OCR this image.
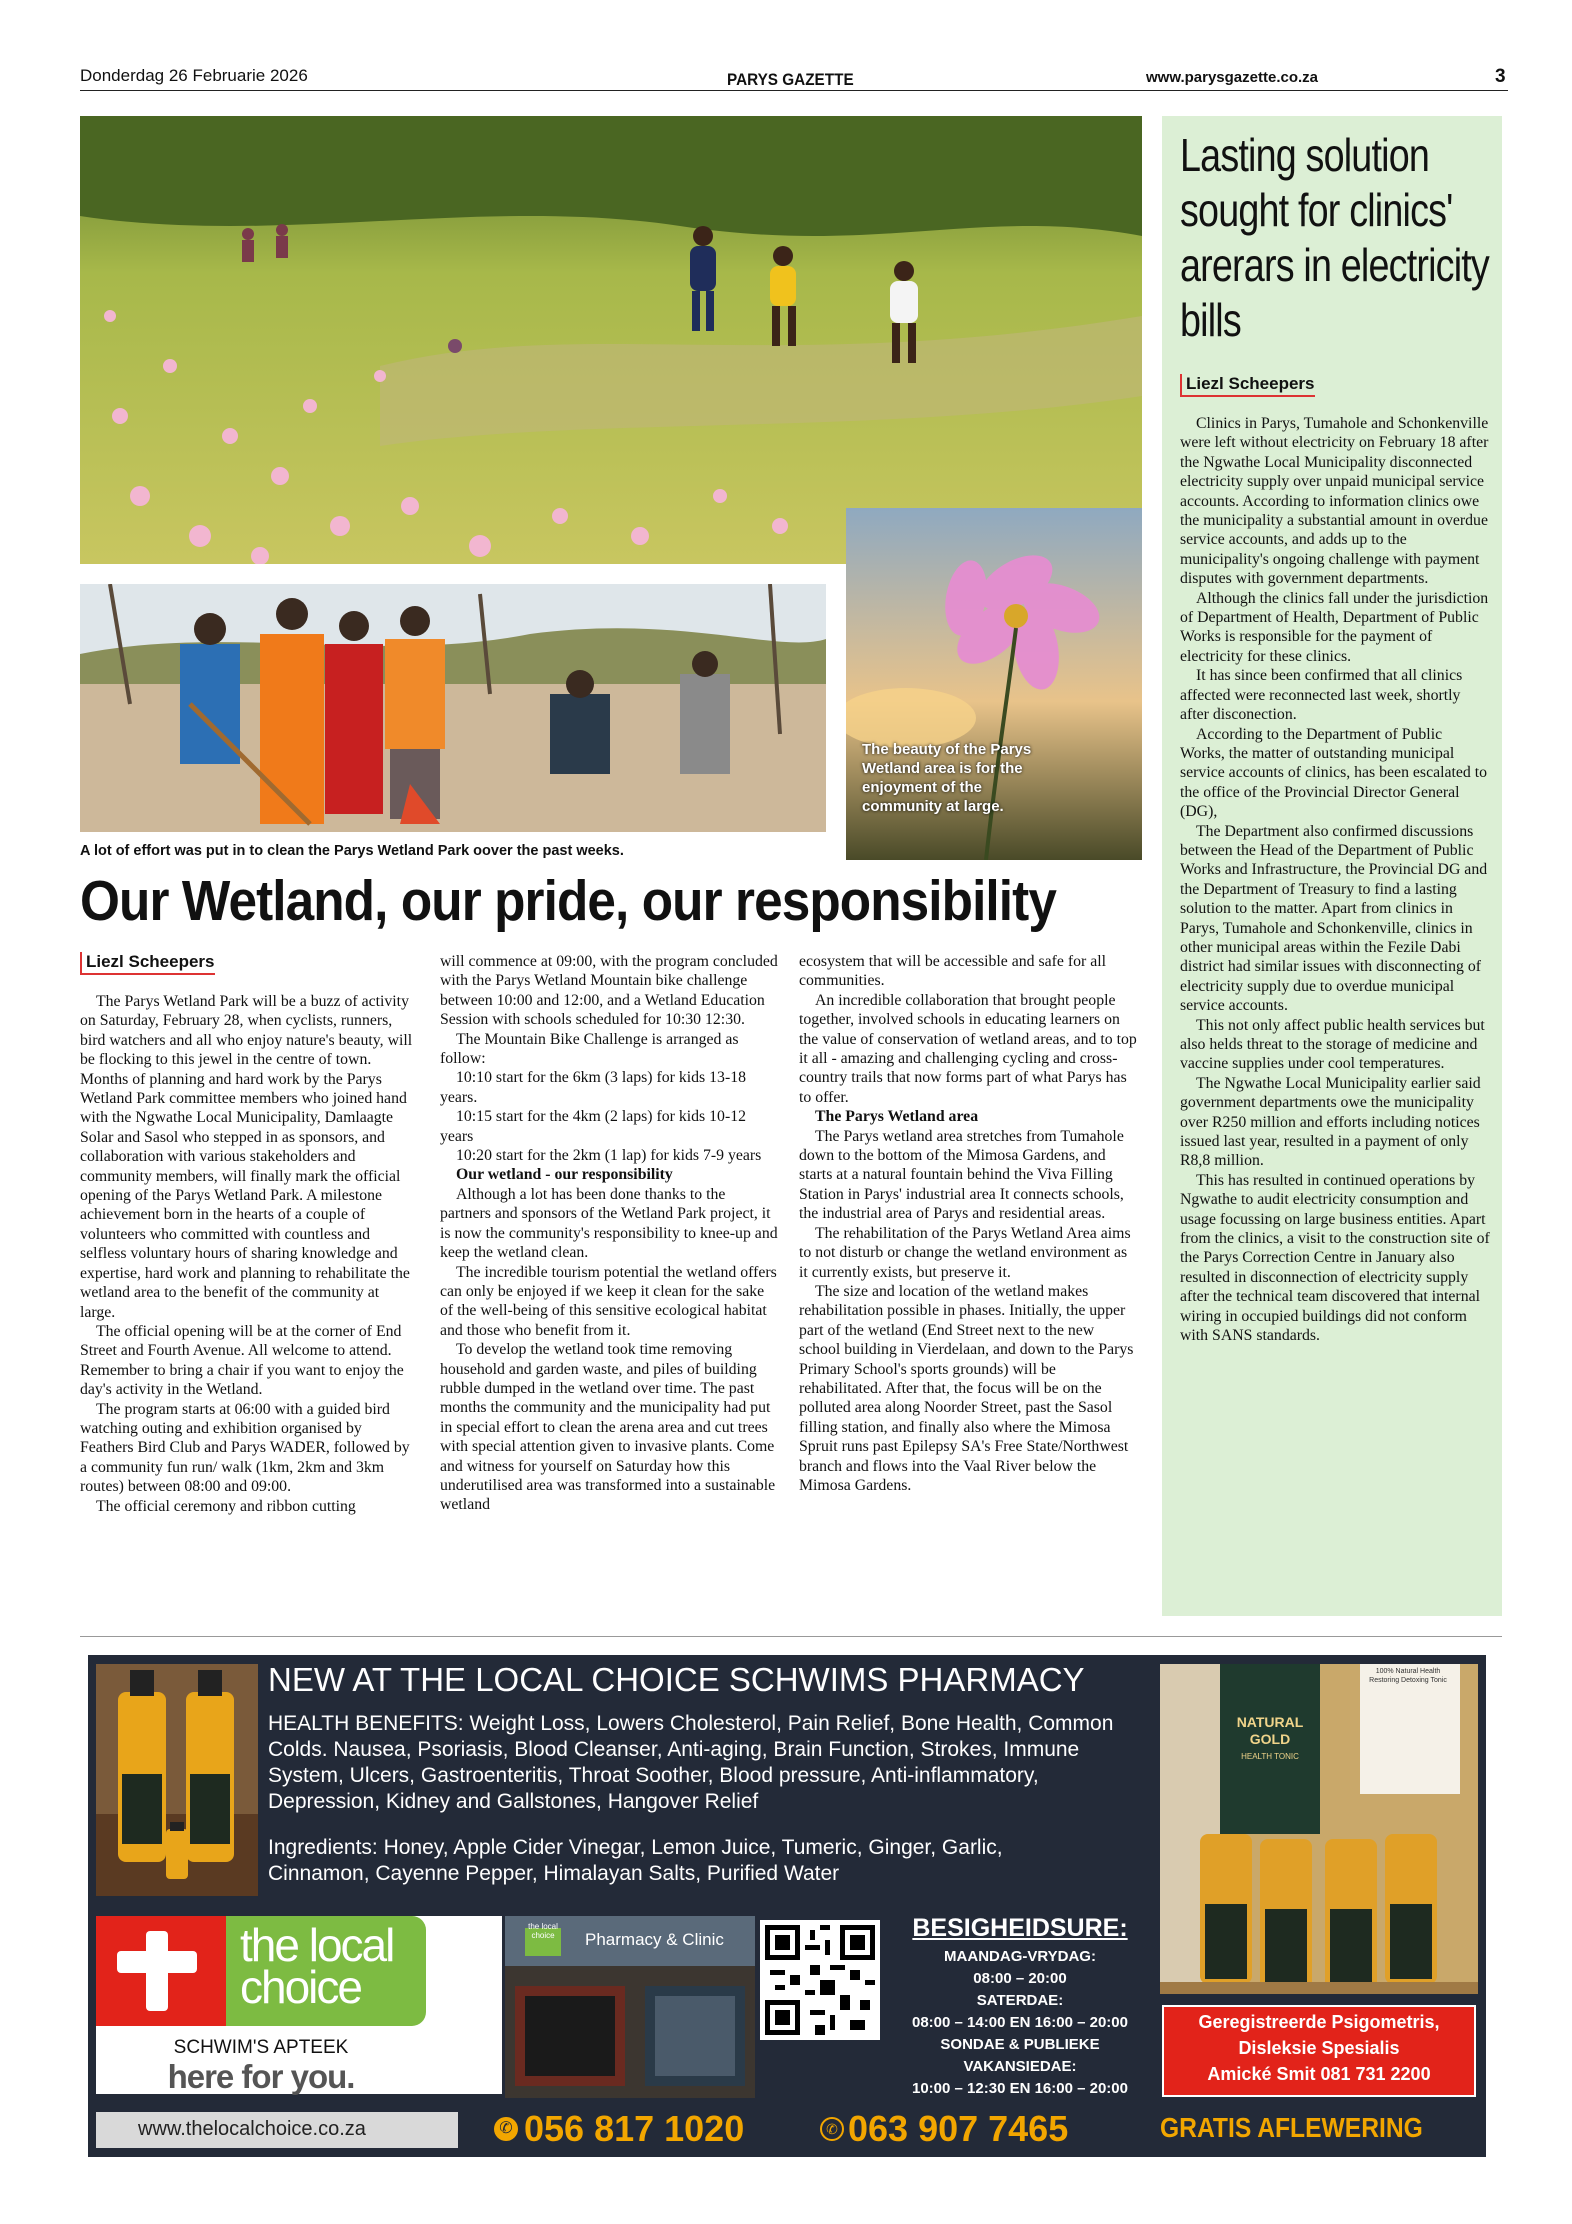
Donderdag 26 Februarie 2026	PARYS GAZETTE	www.parysgazette.co.za	3
The beauty of the Parys Wetland area is for the enjoyment of the community at large.
A lot of effort was put in to clean the Parys Wetland Park oover the past weeks.
Our Wetland, our pride, our responsibility
Liezl Scheepers

The Parys Wetland Park will be a buzz of activity on Saturday, February 28, when cyclists, runners, bird watchers and all who enjoy nature's beauty, will be flocking to this jewel in the centre of town. Months of planning and hard work by the Parys Wetland Park committee members who joined hand with the Ngwathe Local Municipality, Damlaagte Solar and Sasol who stepped in as sponsors, and collaboration with various stakeholders and community members, will finally mark the official opening of the Parys Wetland Park. A milestone achievement born in the hearts of a couple of volunteers who committed with countless and selfless voluntary hours of sharing knowledge and expertise, hard work and planning to rehabilitate the wetland area to the benefit of the community at large.

The official opening will be at the corner of End Street and Fourth Avenue. All welcome to attend. Remember to bring a chair if you want to enjoy the day's activity in the Wetland.

The program starts at 06:00 with a guided bird watching outing and exhibition organised by Feathers Bird Club and Parys WADER, followed by a community fun run/ walk (1km, 2km and 3km routes) between 08:00 and 09:00.

The official ceremony and ribbon cutting

will commence at 09:00, with the program concluded with the Parys Wetland Mountain bike challenge between 10:00 and 12:00, and a Wetland Education Session with schools scheduled for 10:30 12:30.

The Mountain Bike Challenge is arranged as follow:

10:10 start for the 6km (3 laps) for kids 13-18 years.

10:15 start for the 4km (2 laps) for kids 10-12 years

10:20 start for the 2km (1 lap) for kids 7-9 years

Our wetland - our responsibility

Although a lot has been done thanks to the partners and sponsors of the Wetland Park project, it is now the community's responsibility to knee-up and keep the wetland clean.

The incredible tourism potential the wetland offers can only be enjoyed if we keep it clean for the sake of the well-being of this sensitive ecological habitat and those who benefit from it.

To develop the wetland took time removing household and garden waste, and piles of building rubble dumped in the wetland over time. The past months the community and the municipality had put in special effort to clean the arena area and cut trees with special attention given to invasive plants. Come and witness for yourself on Saturday how this underutilised area was transformed into a sustainable wetland

ecosystem that will be accessible and safe for all communities.

An incredible collaboration that brought people together, involved schools in educating learners on the value of conservation of wetland areas, and to top it all - amazing and challenging cycling and cross-country trails that now forms part of what Parys has to offer.

The Parys Wetland area

The Parys wetland area stretches from Tumahole down to the bottom of the Mimosa Gardens, and starts at a natural fountain behind the Viva Filling Station in Parys' industrial area It connects schools, the industrial area of Parys and residential areas.

The rehabilitation of the Parys Wetland Area aims to not disturb or change the wetland environment as it currently exists, but preserve it.

The size and location of the wetland makes rehabilitation possible in phases. Initially, the upper part of the wetland (End Street next to the new school building in Vierdelaan, and down to the Parys Primary School's sports grounds) will be rehabilitated. After that, the focus will be on the polluted area along Noorder Street, past the Sasol filling station, and finally also where the Mimosa Spruit runs past Epilepsy SA's Free State/Northwest branch and flows into the Vaal River below the Mimosa Gardens.

Lasting solution sought for clinics' arerars in electricity bills
Liezl Scheepers

Clinics in Parys, Tumahole and Schonkenville were left without electricity on February 18 after the Ngwathe Local Municipality disconnected electricity supply over unpaid municipal service accounts. According to information clinics owe the municipality a substantial amount in overdue service accounts, and adds up to the municipality's ongoing challenge with payment disputes with government departments.

Although the clinics fall under the jurisdiction of Department of Health, Department of Public Works is responsible for the payment of electricity for these clinics.

It has since been confirmed that all clinics affected were reconnected last week, shortly after disconection.

According to the Department of Public Works, the matter of outstanding municipal service accounts of clinics, has been escalated to the office of the Provincial Director General (DG),

The Department also confirmed discussions between the Head of the Department of Public Works and Infrastructure, the Provincial DG and the Department of Treasury to find a lasting solution to the matter. Apart from clinics in Parys, Tumahole and Schonkenville, clinics in other municipal areas within the Fezile Dabi district had similar issues with disconnecting of electricity supply due to overdue municipal service accounts.

This not only affect public health services but also helds threat to the storage of medicine and vaccine supplies under cool temperatures.

The Ngwathe Local Municipality earlier said government departments owe the municipality over R250 million and efforts including notices issued last year, resulted in a payment of only R8,8 million.

This has resulted in continued operations by Ngwathe to audit electricity consumption and usage focussing on large business entities. Apart from the clinics, a visit to the construction site of the Parys Correction Centre in January also resulted in disconnection of electricity supply after the technical team discovered that internal wiring in occupied buildings did not conform with SANS standards.

NEW AT THE LOCAL CHOICE SCHWIMS PHARMACY
HEALTH BENEFITS: Weight Loss, Lowers Cholesterol, Pain Relief, Bone Health, Common Colds. Nausea, Psoriasis, Blood Cleanser, Anti-aging, Brain Function, Strokes, Immune System, Ulcers, Gastroenteritis, Throat Soother, Blood pressure, Anti-inflammatory, Depression, Kidney and Gallstones, Hangover Relief
Ingredients: Honey, Apple Cider Vinegar, Lemon Juice, Tumeric, Ginger, Garlic, Cinnamon, Cayenne Pepper, Himalayan Salts, Purified Water
NATURAL GOLD
HEALTH TONIC
100% Natural Health Restoring Detoxing Tonic
Geregistreerde Psigometris,
Disleksie Spesialis
Amické Smit 081 731 2200
the local
choice
SCHWIM'S APTEEK
here for you.
the local choice	Pharmacy & Clinic	BESIGHEIDSURE:
MAANDAG-VRYDAG:
08:00 – 20:00
SATERDAE:
08:00 – 14:00 EN 16:00 – 20:00
SONDAE & PUBLIEKE
VAKANSIEDAE:
10:00 – 12:30 EN 16:00 – 20:00
www.thelocalchoice.co.za	✆ 056 817 1020	✆ 063 907 7465	GRATIS AFLEWERING
